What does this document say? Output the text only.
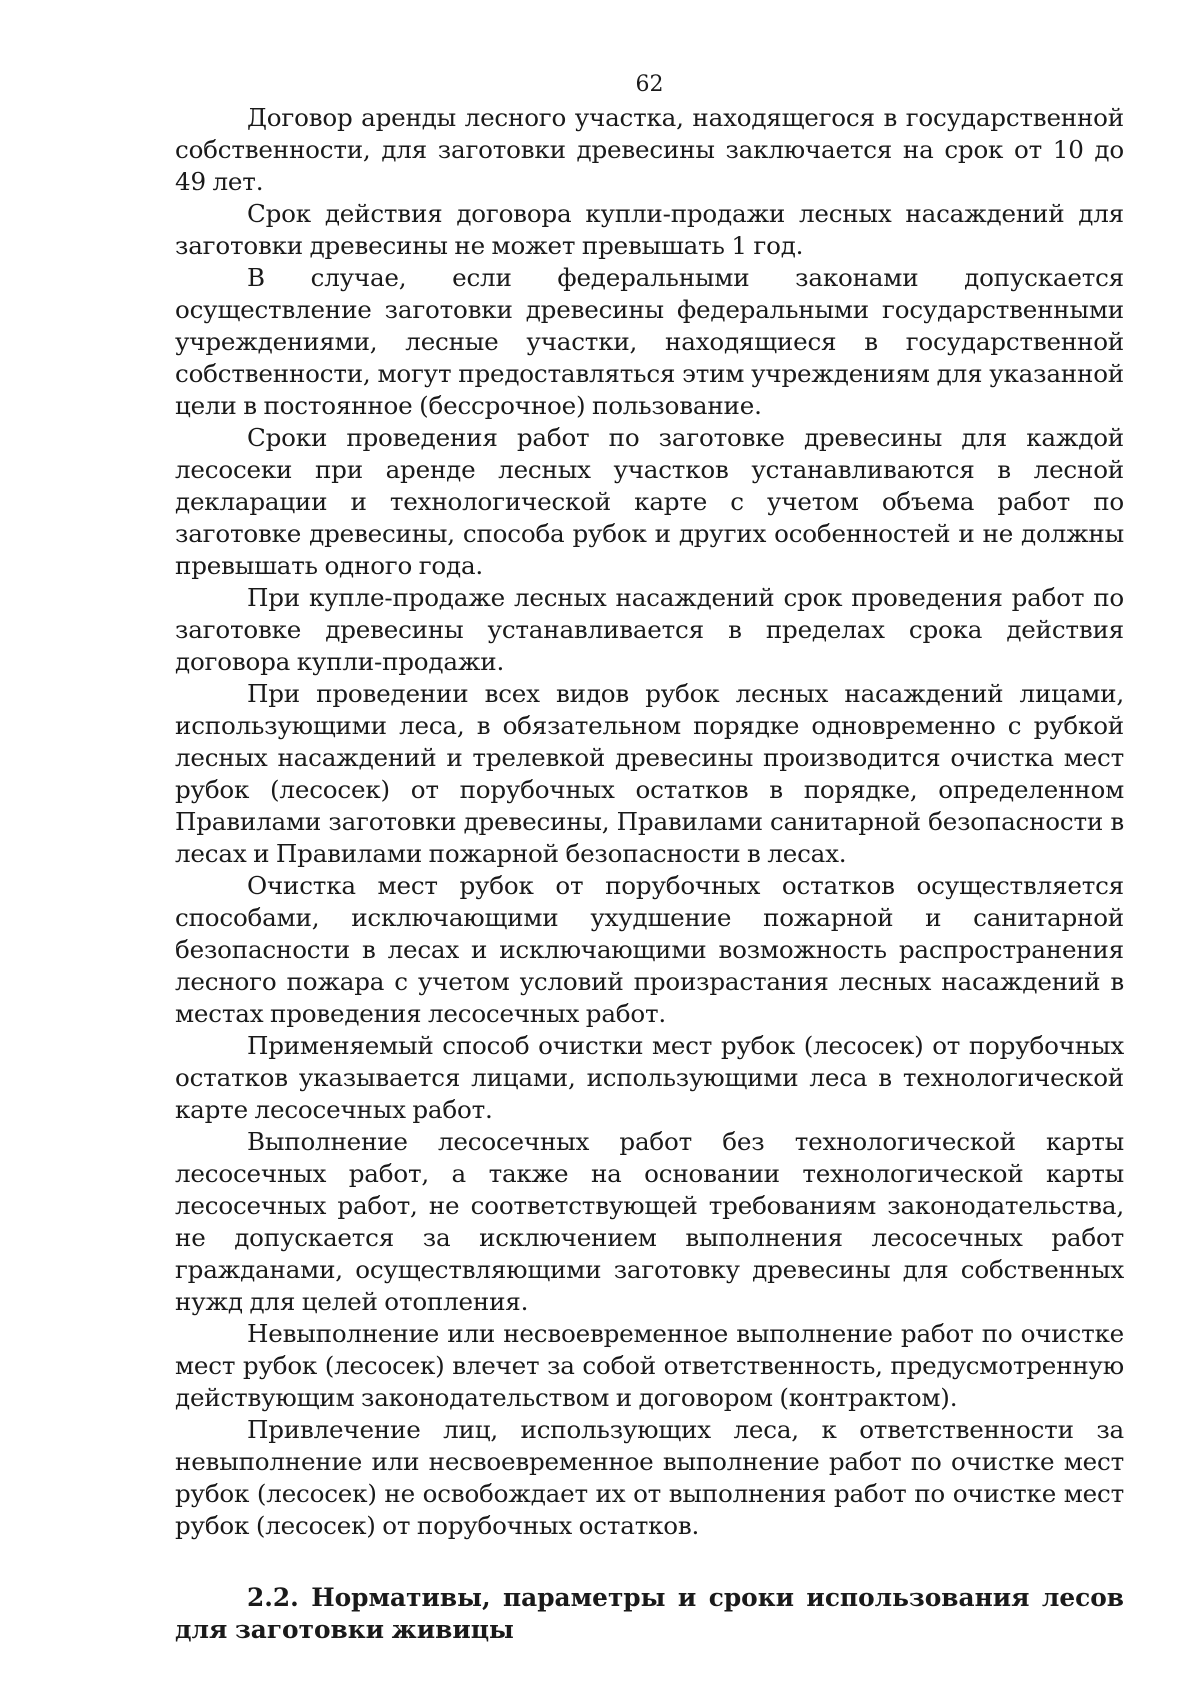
62

Договор аренды лесного участка, находящегося в государственной собственности, для заготовки древесины заключается на срок от 10 до 49 лет.

Срок действия договора купли-продажи лесных насаждений для заготовки древесины не может превышать 1 год.

В случае, если федеральными законами допускается осуществление заготовки древесины федеральными государственными учреждениями, лесные участки, находящиеся в государственной собственности, могут предоставляться этим учреждениям для указанной цели в постоянное (бессрочное) пользование.

Сроки проведения работ по заготовке древесины для каждой лесосеки при аренде лесных участков устанавливаются в лесной декларации и технологической карте с учетом объема работ по заготовке древесины, способа рубок и других особенностей и не должны превышать одного года.

При купле-продаже лесных насаждений срок проведения работ по заготовке древесины устанавливается в пределах срока действия договора купли-продажи.

При проведении всех видов рубок лесных насаждений лицами, использующими леса, в обязательном порядке одновременно с рубкой лесных насаждений и трелевкой древесины производится очистка мест рубок (лесосек) от порубочных остатков в порядке, определенном Правилами заготовки древесины, Правилами санитарной безопасности в лесах и Правилами пожарной безопасности в лесах.

Очистка мест рубок от порубочных остатков осуществляется способами, исключающими ухудшение пожарной и санитарной безопасности в лесах и исключающими возможность распространения лесного пожара с учетом условий произрастания лесных насаждений в местах проведения лесосечных работ.

Применяемый способ очистки мест рубок (лесосек) от порубочных остатков указывается лицами, использующими леса в технологической карте лесосечных работ.

Выполнение лесосечных работ без технологической карты лесосечных работ, а также на основании технологической карты лесосечных работ, не соответствующей требованиям законодательства, не допускается за исключением выполнения лесосечных работ гражданами, осуществляющими заготовку древесины для собственных нужд для целей отопления.

Невыполнение или несвоевременное выполнение работ по очистке мест рубок (лесосек) влечет за собой ответственность, предусмотренную действующим законодательством и договором (контрактом).

Привлечение лиц, использующих леса, к ответственности за невыполнение или несвоевременное выполнение работ по очистке мест рубок (лесосек) не освобождает их от выполнения работ по очистке мест рубок (лесосек) от порубочных остатков.

2.2. Нормативы, параметры и сроки использования лесов для заготовки живицы
